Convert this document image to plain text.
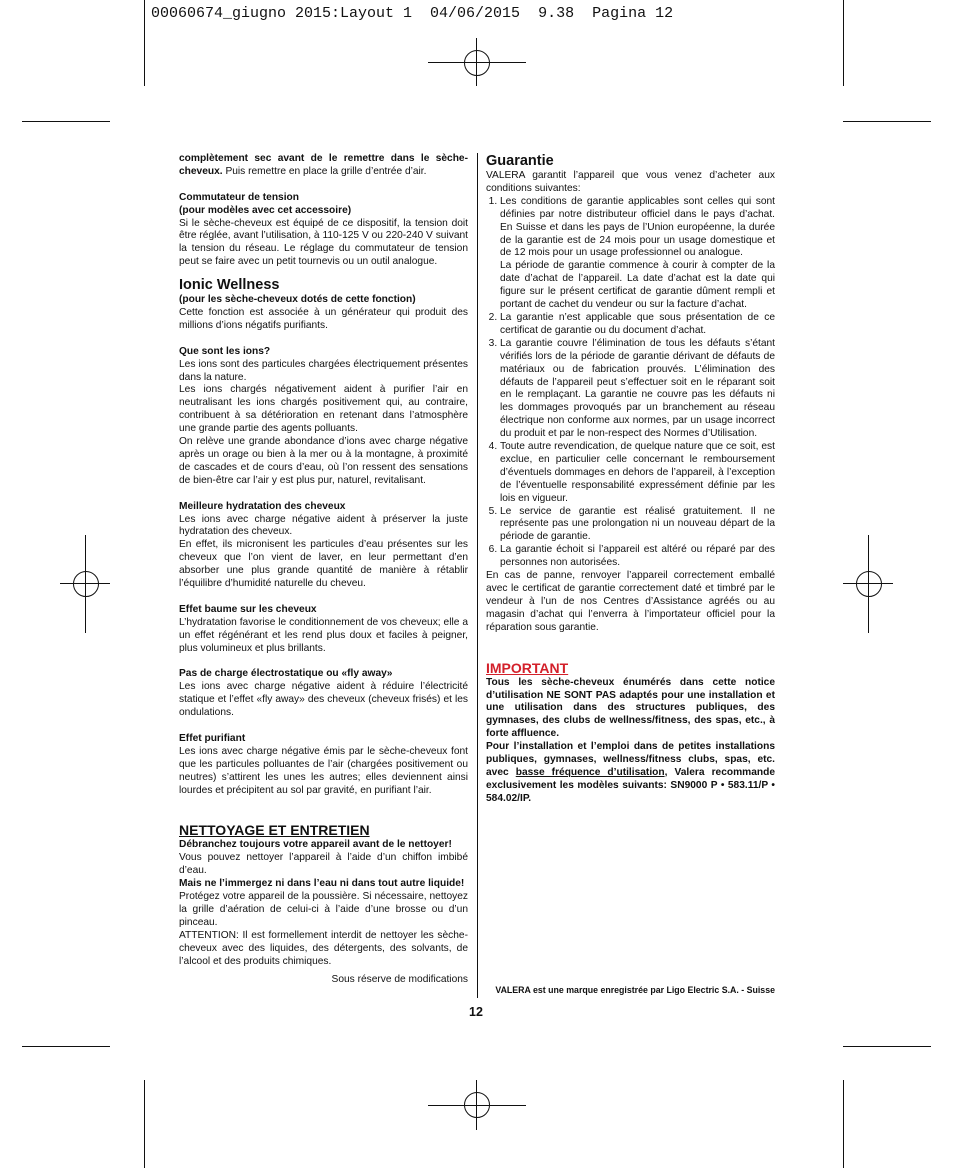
00060674_giugno 2015:Layout 1  04/06/2015  9.38  Pagina 12

complètement sec avant de le remettre dans le sèche-cheveux. Puis remettre en place la grille d’entrée d’air.

Commutateur de tension

(pour modèles avec cet accessoire)

Si le sèche-cheveux est équipé de ce dispositif, la tension doit être réglée, avant l’utilisation, à 110-125 V ou 220-240 V suivant la tension du réseau. Le réglage du commutateur de tension peut se faire avec un petit tournevis ou un outil analogue.

Ionic Wellness

(pour les sèche-cheveux dotés de cette fonction)

Cette fonction est associée à un générateur qui produit des millions d’ions négatifs purifiants.

Que sont les ions?

Les ions sont des particules chargées électriquement présentes dans la nature.

Les ions chargés négativement aident à purifier l’air en neutralisant les ions chargés positivement qui, au contraire, contribuent à sa détérioration en retenant dans l’atmosphère une grande partie des agents polluants.

On relève une grande abondance d’ions avec charge négative après un orage ou bien à la mer ou à la montagne, à proximité de cascades et de cours d’eau, où l’on ressent des sensations de bien-être car l’air y est plus pur, naturel, revitalisant.

Meilleure hydratation des cheveux

Les ions avec charge négative aident à préserver la juste hydratation des cheveux.

En effet, ils micronisent les particules d’eau présentes sur les cheveux que l’on vient de laver, en leur permettant d’en absorber une plus grande quantité de manière à rétablir l’équilibre d’humidité naturelle du cheveu.

Effet baume sur les cheveux

L’hydratation favorise le conditionnement de vos cheveux; elle a un effet régénérant et les rend plus doux et faciles à peigner, plus volumineux et plus brillants.

Pas de charge électrostatique ou «fly away»

Les ions avec charge négative aident à réduire l’électricité statique et l’effet «fly away» des cheveux (cheveux frisés) et les ondulations.

Effet purifiant

Les ions avec charge négative émis par le sèche-cheveux font que les particules polluantes de l’air (chargées positivement ou neutres) s’attirent les unes les autres; elles deviennent ainsi lourdes et précipitent au sol par gravité, en purifiant l’air.

NETTOYAGE ET ENTRETIEN

Débranchez toujours votre appareil avant de le nettoyer!

Vous pouvez nettoyer l’appareil à l’aide d’un chiffon imbibé d’eau.

Mais ne l’immergez ni dans l’eau ni dans tout autre liquide!

Protégez votre appareil de la poussière. Si nécessaire, nettoyez la grille d’aération de celui-ci à l’aide d’une brosse ou d’un pinceau.

ATTENTION: Il est formellement interdit de nettoyer les sèche-cheveux avec des liquides, des détergents, des solvants, de l’alcool et des produits chimiques.

Sous réserve de modifications

Guarantie

VALERA garantit l’appareil que vous venez d’acheter aux conditions suivantes:

1. Les conditions de garantie applicables sont celles qui sont définies par notre distributeur officiel dans le pays d’achat. En Suisse et dans les pays de l’Union européenne, la durée de la garantie est de 24 mois pour un usage domestique et de 12 mois pour un usage professionnel ou analogue.
La période de garantie commence à courir à compter de la date d’achat de l’appareil. La date d’achat est la date qui figure sur le présent certificat de garantie dûment rempli et portant de cachet du vendeur ou sur la facture d’achat.
2. La garantie n’est applicable que sous présentation de ce certificat de garantie ou du document d’achat.
3. La garantie couvre l’élimination de tous les défauts s’étant vérifiés lors de la période de garantie dérivant de défauts de matériaux ou de fabrication prouvés. L’élimination des défauts de l’appareil peut s’effectuer soit en le réparant soit en le remplaçant. La garantie ne couvre pas les défauts ni les dommages provoqués par un branchement au réseau électrique non conforme aux normes, par un usage incorrect du produit et par le non-respect des Normes d’Utilisation.
4. Toute autre revendication, de quelque nature que ce soit, est exclue, en particulier celle concernant le remboursement d’éventuels dommages en dehors de l’appareil, à l’exception de l’éventuelle responsabilité expressément définie par les lois en vigueur.
5. Le service de garantie est réalisé gratuitement. Il ne représente pas une prolongation ni un nouveau départ de la période de garantie.
6. La garantie échoit si l’appareil est altéré ou réparé par des personnes non autorisées.

En cas de panne, renvoyer l’appareil correctement emballé avec le certificat de garantie correctement daté et timbré par le vendeur à l’un de nos Centres d’Assistance agréés ou au magasin d’achat qui l’enverra à l’importateur officiel pour la réparation sous garantie.

IMPORTANT

Tous les sèche-cheveux énumérés dans cette notice d’utilisation NE SONT PAS adaptés pour une installation et une utilisation dans des structures publiques, des gymnases, des clubs de wellness/fitness, des spas, etc., à forte affluence.

Pour l’installation et l’emploi dans de petites installations publiques, gymnases, wellness/fitness clubs, spas, etc. avec basse fréquence d’utilisation, Valera recommande exclusivement les modèles suivants: SN9000 P • 583.11/P • 584.02/IP.

VALERA est une marque enregistrée par Ligo Electric S.A. - Suisse
12
